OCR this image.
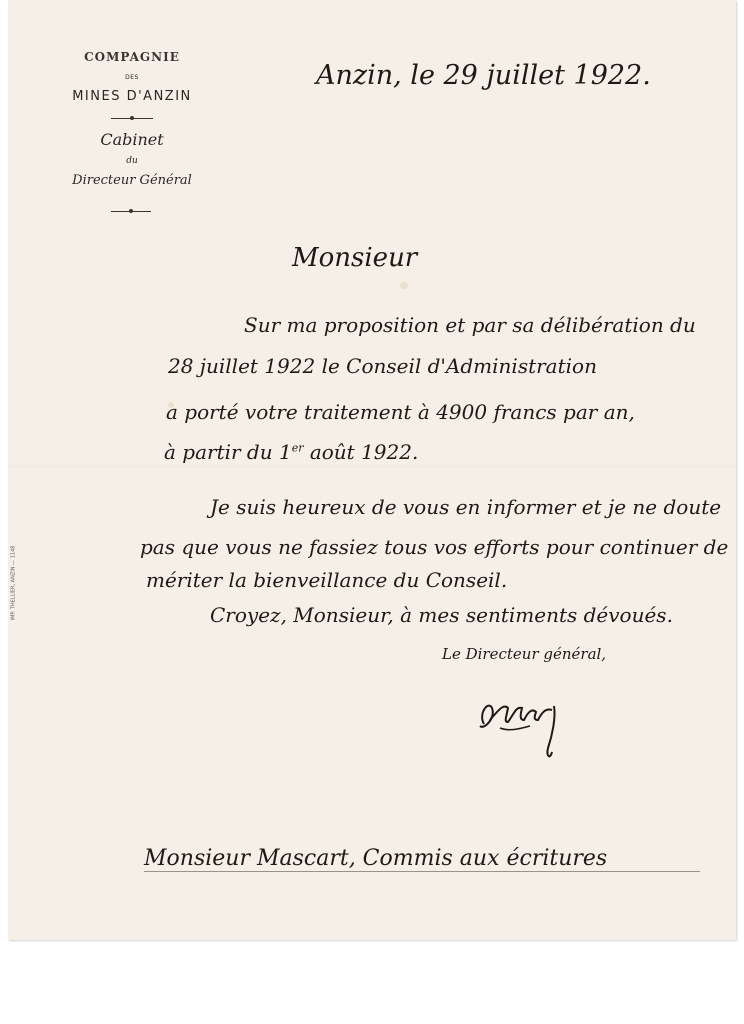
COMPAGNIE
DES
MINES D'ANZIN
Cabinet
du
Directeur Général
IMP. THELLIER, ANZIN — 1148
Anzin, le 29 juillet 1922.
Monsieur
Sur ma proposition et par sa délibération du
28 juillet 1922 le Conseil d'Administration
a porté votre traitement à 4900 francs par an,
à partir du 1er août 1922.
Je suis heureux de vous en informer et je ne doute
pas que vous ne fassiez tous vos efforts pour continuer de
mériter la bienveillance du Conseil.
Croyez, Monsieur, à mes sentiments dévoués.
Le Directeur général,
Monsieur Mascart, Commis aux écritures
